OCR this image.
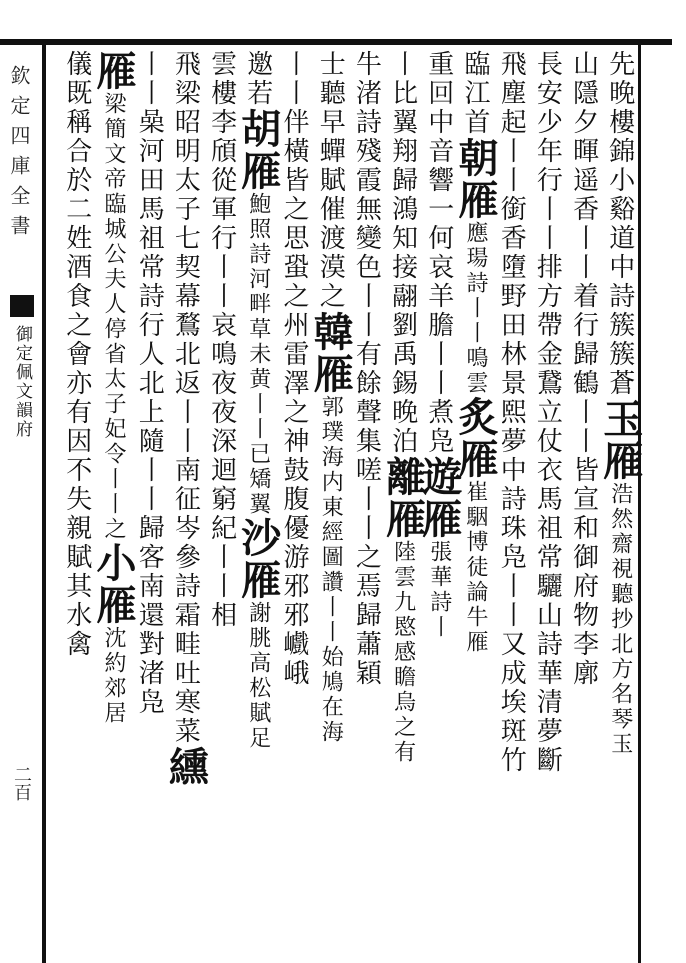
欽定四庫全書
御定佩文韻府
二百
先晚樓錦小谿道中詩簇簇蒼玉雁浩然齋視聽抄北方名琴玉
山隱夕暉遥香丨丨着行歸鶴丨丨皆宣和御府物李廓
長安少年行丨丨排方帶金鵞立仗衣馬祖常驪山詩華清夢斷
飛塵起丨丨銜香墮野田林景熙夢中詩珠凫丨丨又成埃斑竹
臨江首朝雁應瑒詩丨丨鳴雲炙雁崔駰博徒論牛雁
重回中音響一何哀羊膽丨丨煮凫遊雁張華詩丨
丨比翼翔歸鴻知接翮劉禹錫晚泊離雁陸雲九愍感瞻烏之有
牛渚詩殘霞無變色丨丨有餘聲集嗟丨丨之焉歸蕭穎
士聽早蟬賦催渡漠之韓雁郭璞海内東經圖讚丨丨始鳩在海
丨丨伴橫皆之思蛩之州雷澤之神鼓腹優游邪邪巇峨
邀若胡雁鮑照詩河畔草未黄丨丨已矯翼沙雁謝朓高松賦足
雲樓李頎從軍行丨丨哀鳴夜夜深迴窮紀丨丨相
飛梁昭明太子七契幕鶩北返丨丨南征岑參詩霜畦吐寒菜纁
丨丨喿河田馬祖常詩行人北上隨丨丨歸客南還對渚凫
雁梁簡文帝臨城公夫人停省太子妃令丨丨之小雁沈約郊居
儀既稱合於二姓酒食之會亦有因不失親賦其水禽
